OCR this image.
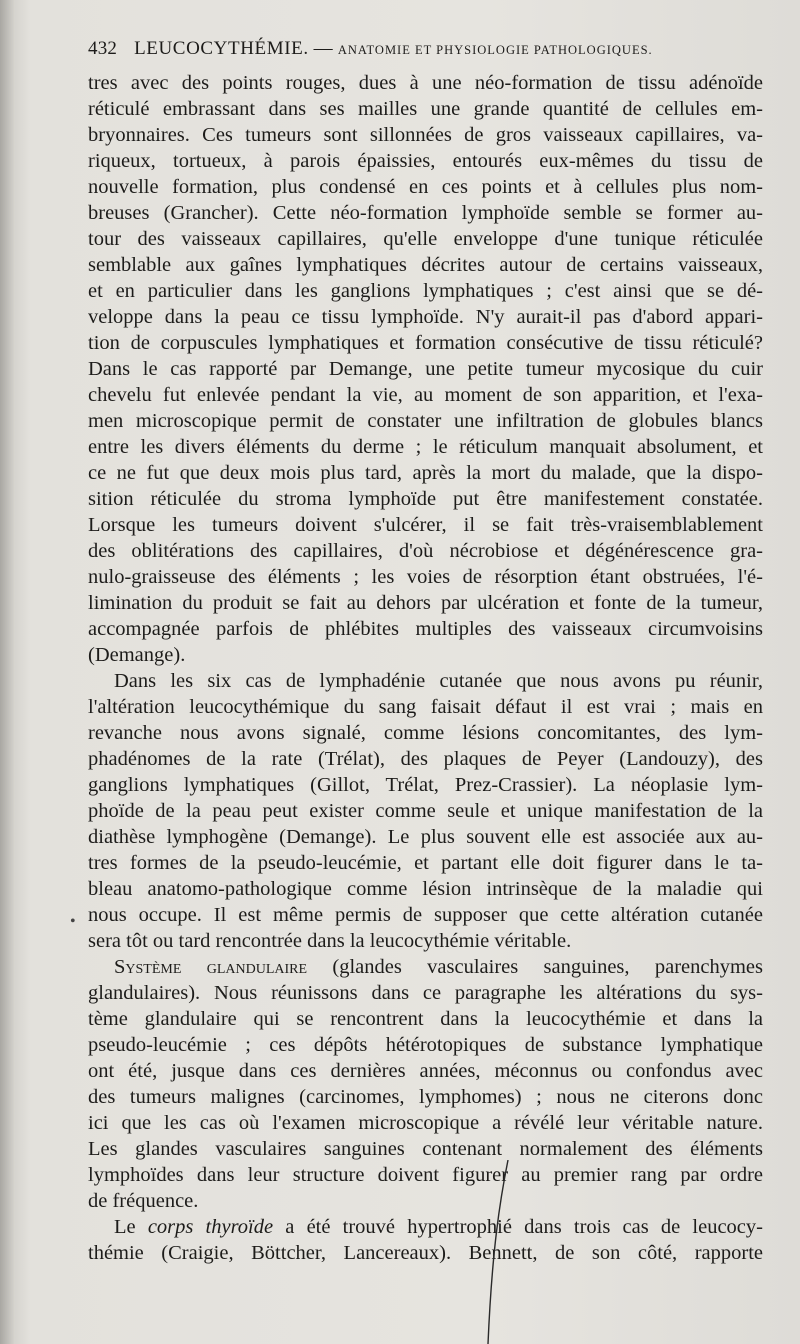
432 LEUCOCYTHÉMIE. — ANATOMIE ET PHYSIOLOGIE PATHOLOGIQUES.
tres avec des points rouges, dues à une néo-formation de tissu adénoïde
réticulé embrassant dans ses mailles une grande quantité de cellules em-
bryonnaires. Ces tumeurs sont sillonnées de gros vaisseaux capillaires, va-
riqueux, tortueux, à parois épaissies, entourés eux-mêmes du tissu de
nouvelle formation, plus condensé en ces points et à cellules plus nom-
breuses (Grancher). Cette néo-formation lymphoïde semble se former au-
tour des vaisseaux capillaires, qu'elle enveloppe d'une tunique réticulée
semblable aux gaînes lymphatiques décrites autour de certains vaisseaux,
et en particulier dans les ganglions lymphatiques ; c'est ainsi que se dé-
veloppe dans la peau ce tissu lymphoïde. N'y aurait-il pas d'abord appari-
tion de corpuscules lymphatiques et formation consécutive de tissu réticulé?
Dans le cas rapporté par Demange, une petite tumeur mycosique du cuir
chevelu fut enlevée pendant la vie, au moment de son apparition, et l'exa-
men microscopique permit de constater une infiltration de globules blancs
entre les divers éléments du derme ; le réticulum manquait absolument, et
ce ne fut que deux mois plus tard, après la mort du malade, que la dispo-
sition réticulée du stroma lymphoïde put être manifestement constatée.
Lorsque les tumeurs doivent s'ulcérer, il se fait très-vraisemblablement
des oblitérations des capillaires, d'où nécrobiose et dégénérescence gra-
nulo-graisseuse des éléments ; les voies de résorption étant obstruées, l'é-
limination du produit se fait au dehors par ulcération et fonte de la tumeur,
accompagnée parfois de phlébites multiples des vaisseaux circumvoisins
(Demange).
Dans les six cas de lymphadénie cutanée que nous avons pu réunir,
l'altération leucocythémique du sang faisait défaut il est vrai ; mais en
revanche nous avons signalé, comme lésions concomitantes, des lym-
phadénomes de la rate (Trélat), des plaques de Peyer (Landouzy), des
ganglions lymphatiques (Gillot, Trélat, Prez-Crassier). La néoplasie lym-
phoïde de la peau peut exister comme seule et unique manifestation de la
diathèse lymphogène (Demange). Le plus souvent elle est associée aux au-
tres formes de la pseudo-leucémie, et partant elle doit figurer dans le ta-
bleau anatomo-pathologique comme lésion intrinsèque de la maladie qui
nous occupe. Il est même permis de supposer que cette altération cutanée
sera tôt ou tard rencontrée dans la leucocythémie véritable.
Système glandulaire (glandes vasculaires sanguines, parenchymes
glandulaires). Nous réunissons dans ce paragraphe les altérations du sys-
tème glandulaire qui se rencontrent dans la leucocythémie et dans la
pseudo-leucémie ; ces dépôts hétérotopiques de substance lymphatique
ont été, jusque dans ces dernières années, méconnus ou confondus avec
des tumeurs malignes (carcinomes, lymphomes) ; nous ne citerons donc
ici que les cas où l'examen microscopique a révélé leur véritable nature.
Les glandes vasculaires sanguines contenant normalement des éléments
lymphoïdes dans leur structure doivent figurer au premier rang par ordre
de fréquence.
Le corps thyroïde a été trouvé hypertrophié dans trois cas de leucocy-
thémie (Craigie, Böttcher, Lancereaux). Bennett, de son côté, rapporte
•
